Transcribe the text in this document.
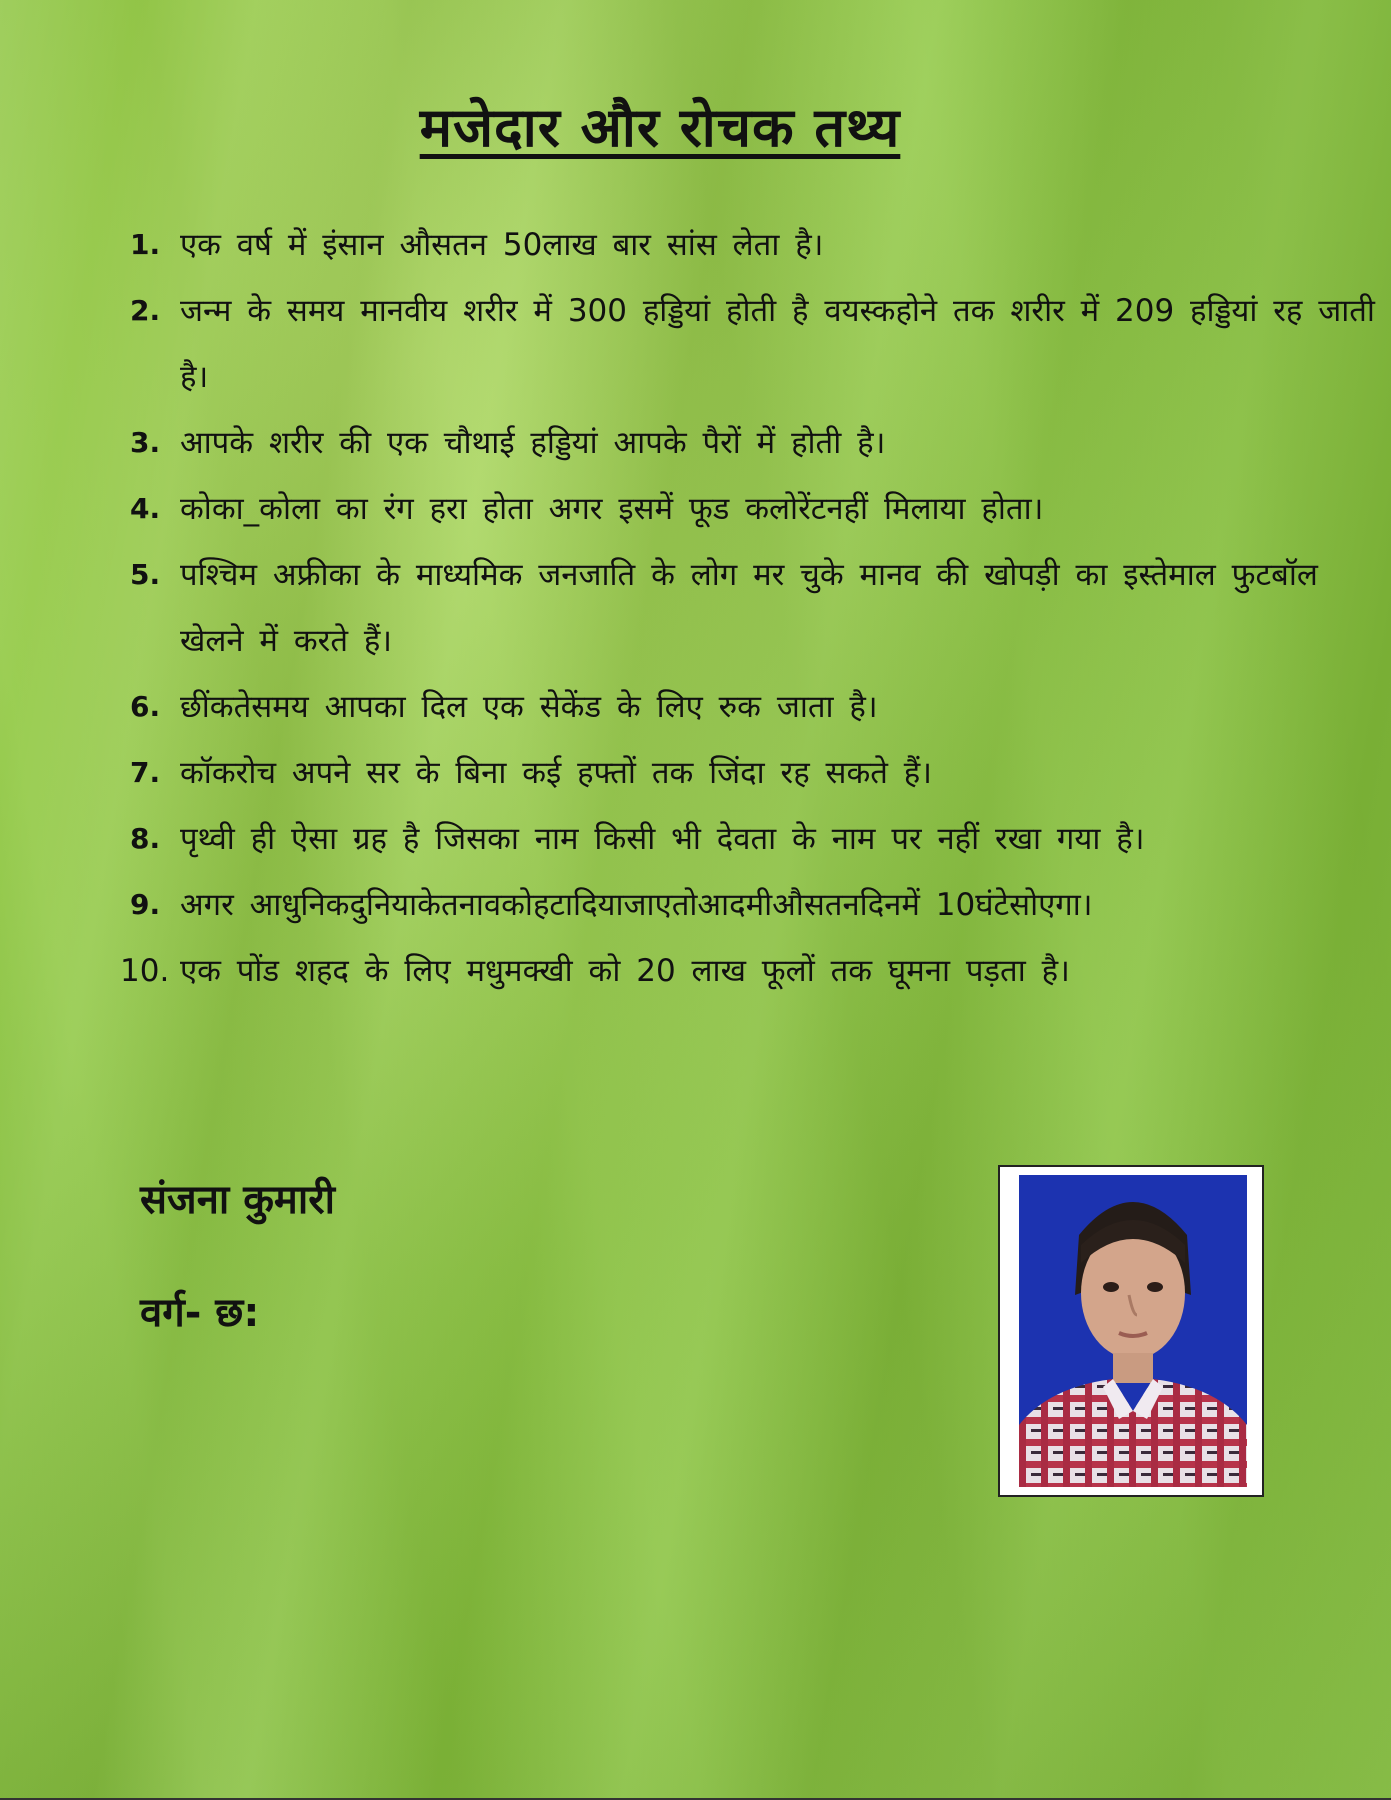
मजेदार और रोचक तथ्य
1. एक वर्ष में इंसान औसतन 50लाख बार सांस लेता है।
2. जन्म के समय मानवीय शरीर में 300 हड्डियां होती है वयस्कहोने तक शरीर में 209 हड्डियां रह जाती है।
3. आपके शरीर की एक चौथाई हड्डियां आपके पैरों में होती है।
4. कोका_कोला का रंग हरा होता अगर इसमें फूड कलोरेंटनहीं मिलाया होता।
5. पश्चिम अफ्रीका के माध्यमिक जनजाति के लोग मर चुके मानव की खोपड़ी का इस्तेमाल फुटबॉल खेलने में करते हैं।
6. छींकतेसमय आपका दिल एक सेकेंड के लिए रुक जाता है।
7. कॉकरोच अपने सर के बिना कई हफ्तों तक जिंदा रह सकते हैं।
8. पृथ्वी ही ऐसा ग्रह है जिसका नाम किसी भी देवता के नाम पर नहीं रखा गया है।
9. अगर आधुनिकदुनियाकेतनावकोहटादियाजाएतोआदमीऔसतनदिनमें 10घंटेसोएगा।
10. एक पोंड शहद के लिए मधुमक्खी को 20 लाख फूलों तक घूमना पड़ता है।
संजना कुमारी
वर्ग- छ:
